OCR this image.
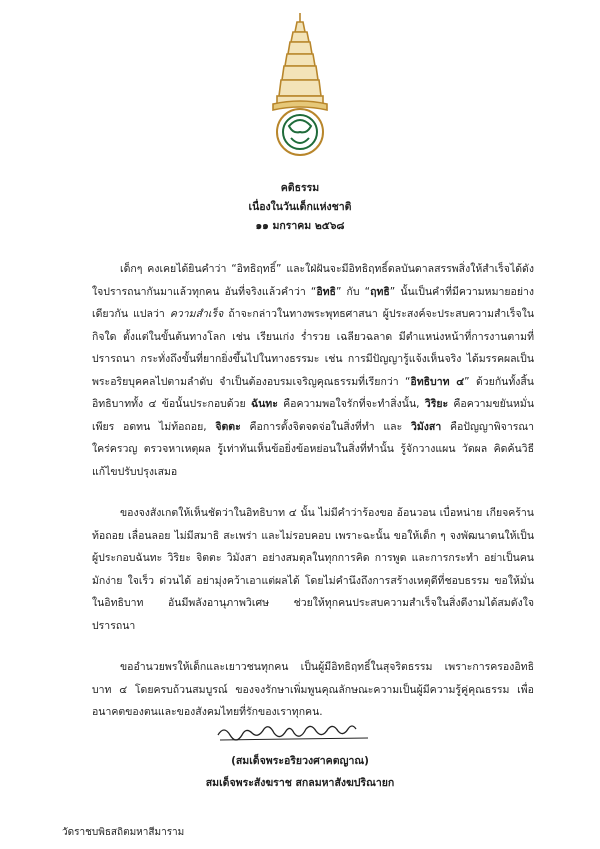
คติธรรม
เนื่องในวันเด็กแห่งชาติ
๑๑ มกราคม ๒๕๖๘

เด็กๆ คงเคยได้ยินคำว่า “อิทธิฤทธิ์” และใฝ่ฝันจะมีอิทธิฤทธิ์ดลบันดาลสรรพสิ่งให้สำเร็จได้ดังใจปรารถนากันมาแล้วทุกคน อันที่จริงแล้วคำว่า “อิทธิ” กับ “ฤทธิ” นั้นเป็นคำที่มีความหมายอย่างเดียวกัน แปลว่า ความสำเร็จ ถ้าจะกล่าวในทางพระพุทธศาสนา ผู้ประสงค์จะประสบความสำเร็จในกิจใด ตั้งแต่ในขั้นต้นทางโลก เช่น เรียนเก่ง ร่ำรวย เฉลียวฉลาด มีตำแหน่งหน้าที่การงานตามที่ปรารถนา กระทั่งถึงขั้นที่ยากยิ่งขึ้นไปในทางธรรมะ เช่น การมีปัญญารู้แจ้งเห็นจริง ได้มรรคผลเป็นพระอริยบุคคลไปตามลำดับ จำเป็นต้องอบรมเจริญคุณธรรมที่เรียกว่า “อิทธิบาท ๔” ด้วยกันทั้งสิ้น อิทธิบาททั้ง ๔ ข้อนั้นประกอบด้วย ฉันทะ คือความพอใจรักที่จะทำสิ่งนั้น, วิริยะ คือความขยันหมั่นเพียร อดทน ไม่ท้อถอย, จิตตะ คือการตั้งจิตจดจ่อในสิ่งที่ทำ และ วิมังสา คือปัญญาพิจารณาใคร่ครวญ ตรวจหาเหตุผล รู้เท่าทันเห็นข้อยิ่งข้อหย่อนในสิ่งที่ทำนั้น รู้จักวางแผน วัดผล คิดค้นวิธีแก้ไขปรับปรุงเสมอ

ของจงสังเกตให้เห็นชัดว่าในอิทธิบาท ๔ นั้น ไม่มีคำว่าร้องขอ อ้อนวอน เบื่อหน่าย เกียจคร้าน ท้อถอย เลื่อนลอย ไม่มีสมาธิ สะเพร่า และไม่รอบคอบ เพราะฉะนั้น ขอให้เด็ก ๆ จงพัฒนาตนให้เป็นผู้ประกอบฉันทะ วิริยะ จิตตะ วิมังสา อย่างสมดุลในทุกการคิด การพูด และการกระทำ อย่าเป็นคนมักง่าย ใจเร็ว ด่วนได้ อย่ามุ่งคว้าเอาแต่ผลได้ โดยไม่คำนึงถึงการสร้างเหตุดีที่ชอบธรรม ขอให้มั่นในอิทธิบาท อันมีพลังอานุภาพวิเศษ ช่วยให้ทุกคนประสบความสำเร็จในสิ่งดีงามได้สมดังใจปรารถนา

ขออำนวยพรให้เด็กและเยาวชนทุกคน เป็นผู้มีอิทธิฤทธิ์ในสุจริตธรรม เพราะการครองอิทธิบาท ๔ โดยครบถ้วนสมบูรณ์ ของจงรักษาเพิ่มพูนคุณลักษณะความเป็นผู้มีความรู้คู่คุณธรรม เพื่ออนาคตของตนและของสังคมไทยที่รักของเราทุกคน.

(สมเด็จพระอริยวงศาคตญาณ)
สมเด็จพระสังฆราช สกลมหาสังฆปริณายก
วัดราชบพิธสถิตมหาสีมาราม
